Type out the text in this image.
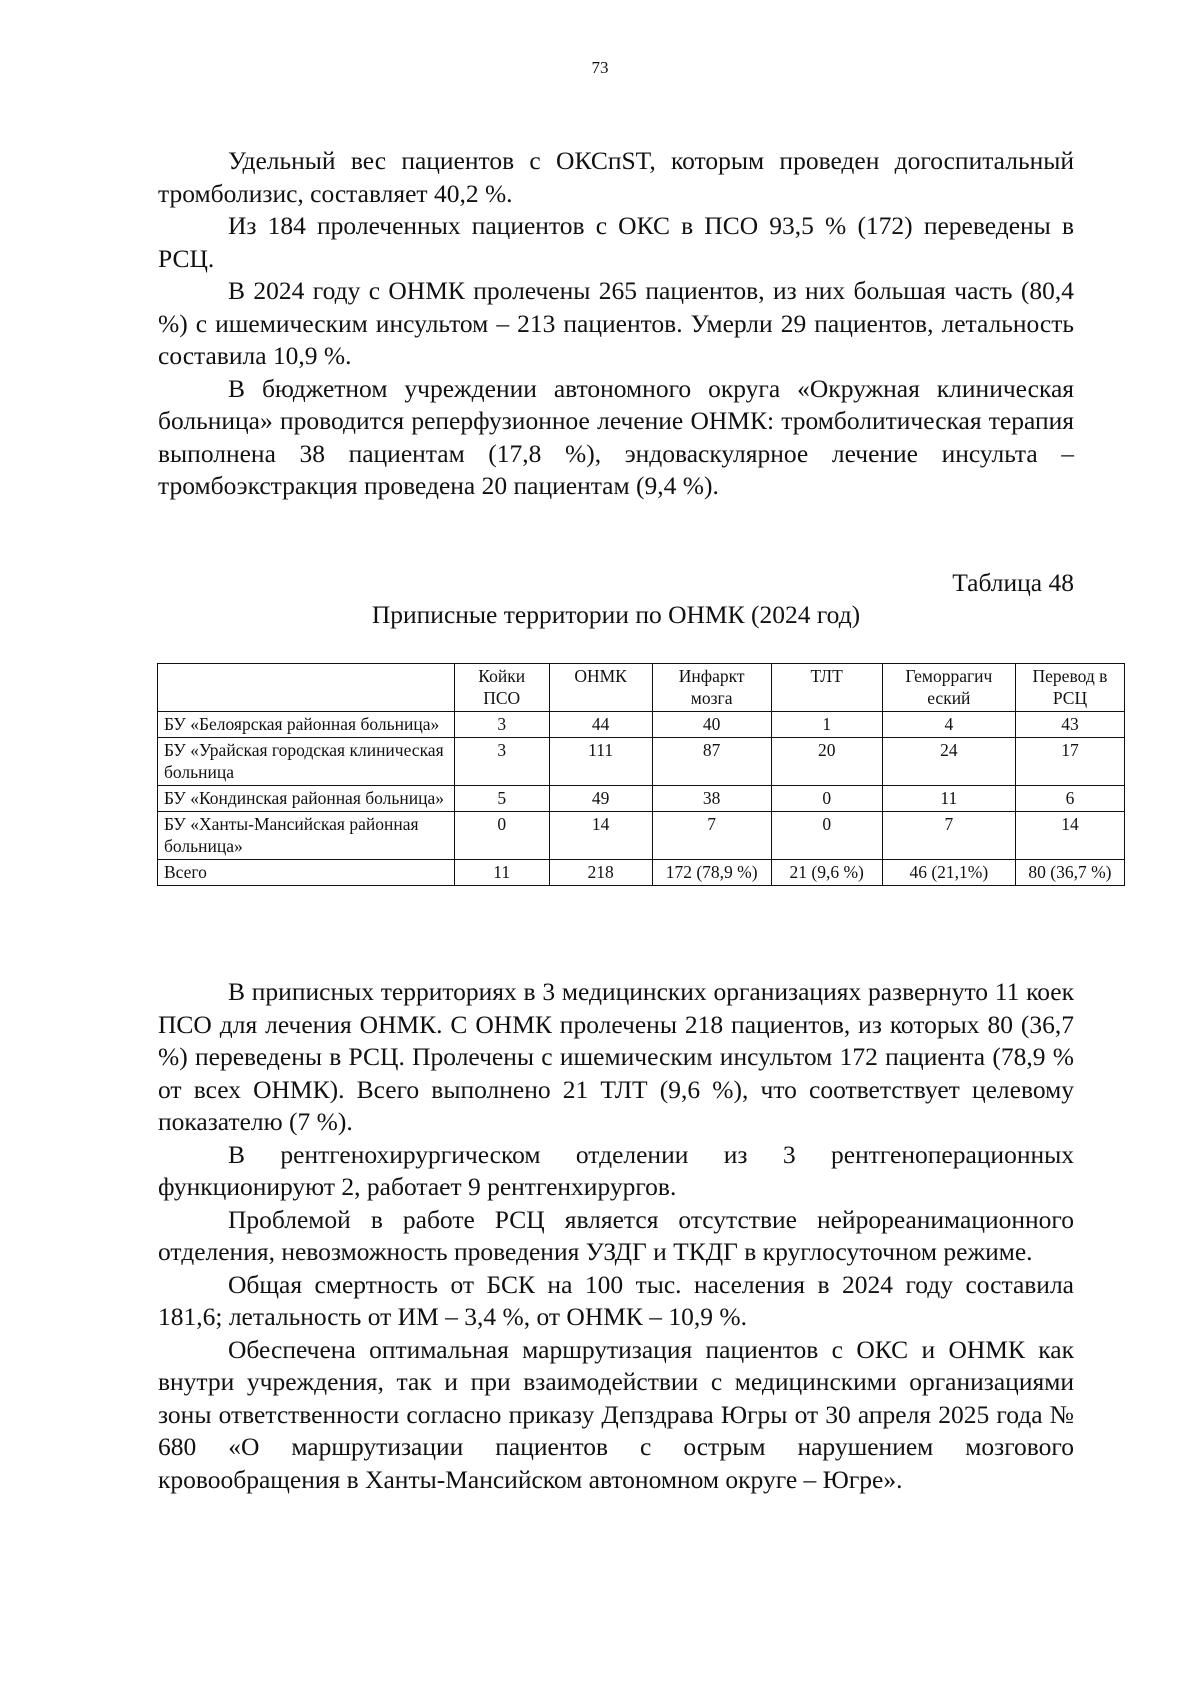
73

Удельный вес пациентов с ОКСпST, которым проведен догоспитальный тромболизис, составляет 40,2 %.

Из 184 пролеченных пациентов с ОКС в ПСО 93,5 % (172) переведены в РСЦ.

В 2024 году с ОНМК пролечены 265 пациентов, из них большая часть (80,4 %) с ишемическим инсультом – 213 пациентов. Умерли 29 пациентов, летальность составила 10,9 %.

В бюджетном учреждении автономного округа «Окружная клиническая больница» проводится реперфузионное лечение ОНМК: тромболитическая терапия выполнена 38 пациентам (17,8 %), эндоваскулярное лечение инсульта – тромбоэкстракция проведена 20 пациентам (9,4 %).

Таблица 48
Приписные территории по ОНМК (2024 год)
	Койки ПСО	ОНМК	Инфаркт мозга	ТЛТ	Геморрагич еский	Перевод в РСЦ
БУ «Белоярская районная больница»	3	44	40	1	4	43
БУ «Урайская городская клиническая больница	3	111	87	20	24	17
БУ «Кондинская районная больница»	5	49	38	0	11	6
БУ «Ханты-Мансийская районная больница»	0	14	7	0	7	14
Всего	11	218	172 (78,9 %)	21 (9,6 %)	46 (21,1%)	80 (36,7 %)

В приписных территориях в 3 медицинских организациях развернуто 11 коек ПСО для лечения ОНМК. С ОНМК пролечены 218 пациентов, из которых 80 (36,7 %) переведены в РСЦ. Пролечены с ишемическим инсультом 172 пациента (78,9 % от всех ОНМК). Всего выполнено 21 ТЛТ (9,6 %), что соответствует целевому показателю (7 %).

В рентгенохирургическом отделении из 3 рентгеноперационных функционируют 2, работает 9 рентгенхирургов.

Проблемой в работе РСЦ является отсутствие нейрореанимационного отделения, невозможность проведения УЗДГ и ТКДГ в круглосуточном режиме.

Общая смертность от БСК на 100 тыс. населения в 2024 году составила 181,6; летальность от ИМ – 3,4 %, от ОНМК – 10,9 %.

Обеспечена оптимальная маршрутизация пациентов с ОКС и ОНМК как внутри учреждения, так и при взаимодействии с медицинскими организациями зоны ответственности согласно приказу Депздрава Югры от 30 апреля 2025 года № 680 «О маршрутизации пациентов с острым нарушением мозгового кровообращения в Ханты-Мансийском автономном округе – Югре».
